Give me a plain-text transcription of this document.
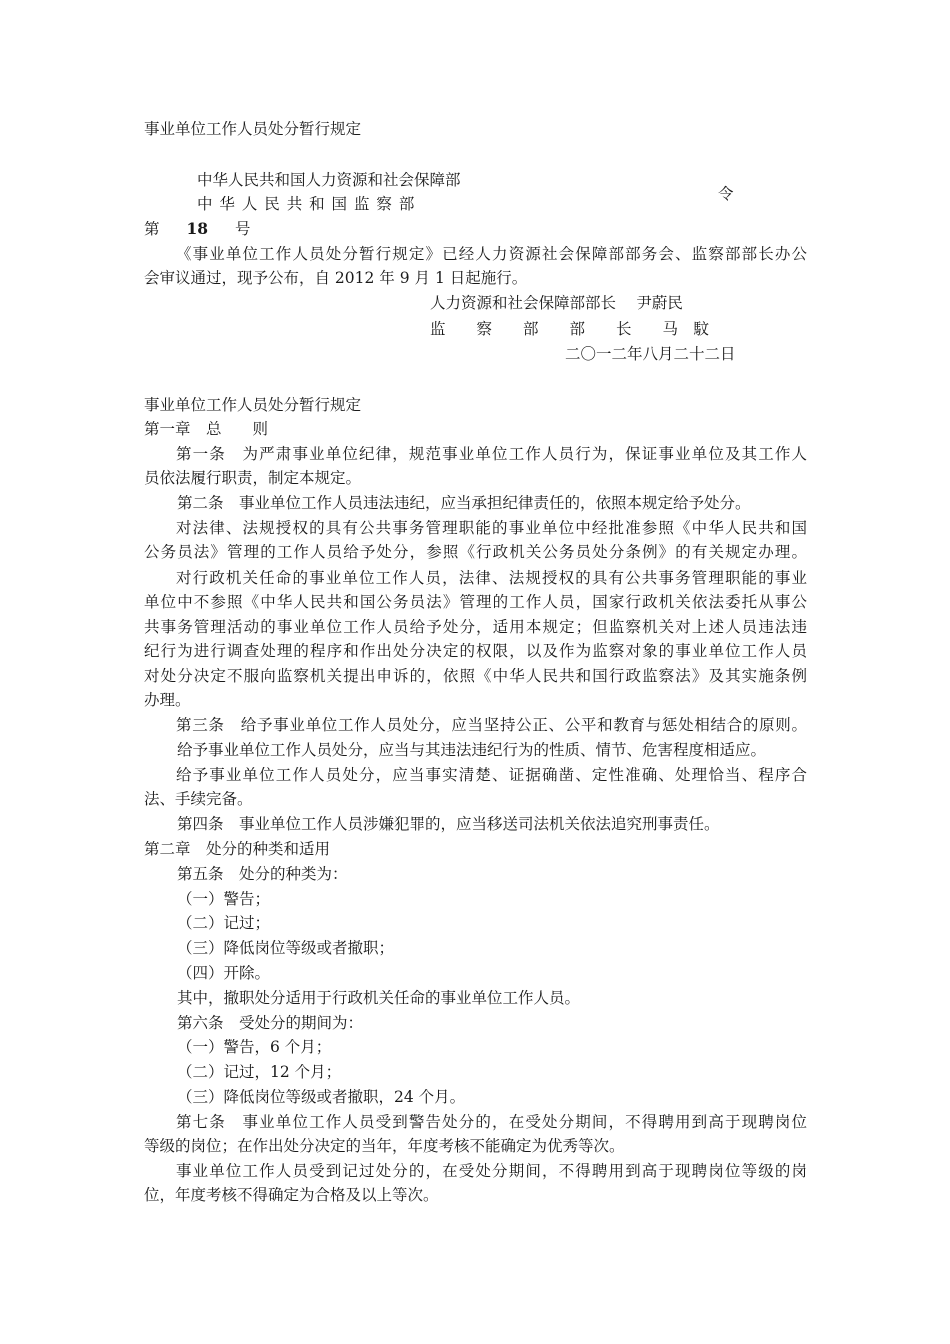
事业单位工作人员处分暂行规定
中华人民共和国人力资源和社会保障部
中 华 人 民 共 和 国 监 察 部
令
第 18 号
《事业单位工作人员处分暂行规定》已经人力资源社会保障部部务会、监察部部长办公
会审议通过，现予公布，自 2012 年 9 月 1 日起施行。
人力资源和社会保障部部长　 尹蔚民
监　　察　　部　　部　　长　　马　馼
二〇一二年八月二十二日
事业单位工作人员处分暂行规定
第一章　总　　则
第一条　为严肃事业单位纪律，规范事业单位工作人员行为，保证事业单位及其工作人
员依法履行职责，制定本规定。
第二条　事业单位工作人员违法违纪，应当承担纪律责任的，依照本规定给予处分。
对法律、法规授权的具有公共事务管理职能的事业单位中经批准参照《中华人民共和国
公务员法》管理的工作人员给予处分，参照《行政机关公务员处分条例》的有关规定办理。
对行政机关任命的事业单位工作人员，法律、法规授权的具有公共事务管理职能的事业
单位中不参照《中华人民共和国公务员法》管理的工作人员，国家行政机关依法委托从事公
共事务管理活动的事业单位工作人员给予处分，适用本规定；但监察机关对上述人员违法违
纪行为进行调查处理的程序和作出处分决定的权限，以及作为监察对象的事业单位工作人员
对处分决定不服向监察机关提出申诉的，依照《中华人民共和国行政监察法》及其实施条例
办理。
第三条　给予事业单位工作人员处分，应当坚持公正、公平和教育与惩处相结合的原则。
给予事业单位工作人员处分，应当与其违法违纪行为的性质、情节、危害程度相适应。
给予事业单位工作人员处分，应当事实清楚、证据确凿、定性准确、处理恰当、程序合
法、手续完备。
第四条　事业单位工作人员涉嫌犯罪的，应当移送司法机关依法追究刑事责任。
第二章　处分的种类和适用
第五条　处分的种类为：
（一）警告；
（二）记过；
（三）降低岗位等级或者撤职；
（四）开除。
其中，撤职处分适用于行政机关任命的事业单位工作人员。
第六条　受处分的期间为：
（一）警告，6 个月；
（二）记过，12 个月；
（三）降低岗位等级或者撤职，24 个月。
第七条　事业单位工作人员受到警告处分的，在受处分期间，不得聘用到高于现聘岗位
等级的岗位；在作出处分决定的当年，年度考核不能确定为优秀等次。
事业单位工作人员受到记过处分的，在受处分期间，不得聘用到高于现聘岗位等级的岗
位，年度考核不得确定为合格及以上等次。
